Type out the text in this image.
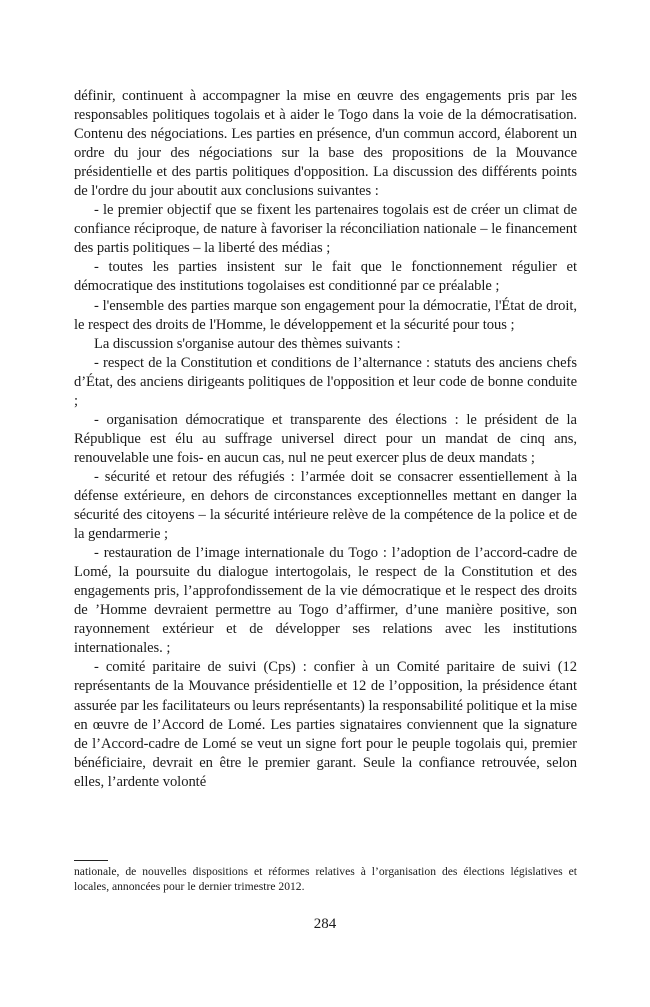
définir, continuent à accompagner la mise en œuvre des engagements pris par les responsables politiques togolais et à aider le Togo dans la voie de la démocratisation. Contenu des négociations. Les parties en présence, d'un commun accord, élaborent un ordre du jour des négociations sur la base des propositions de la Mouvance présidentielle et des partis politiques d'opposition. La discussion des différents points de l'ordre du jour aboutit aux conclusions suivantes :

- le premier objectif que se fixent les partenaires togolais est de créer un climat de confiance réciproque, de nature à favoriser la réconciliation nationale – le financement des partis politiques – la liberté des médias ;

- toutes les parties insistent sur le fait que le fonctionnement régulier et démocratique des institutions togolaises est conditionné par ce préalable ;

- l'ensemble des parties marque son engagement pour la démocratie, l'État de droit, le respect des droits de l'Homme, le développement et la sécurité pour tous ;

La discussion s'organise autour des thèmes suivants :

- respect de la Constitution et conditions de l’alternance : statuts des anciens chefs d’État, des anciens dirigeants politiques de l'opposition et leur code de bonne conduite ;

- organisation démocratique et transparente des élections : le président de la République est élu au suffrage universel direct pour un mandat de cinq ans, renouvelable une fois- en aucun cas, nul ne peut exercer plus de deux mandats ;

- sécurité et retour des réfugiés : l’armée doit se consacrer essentiellement à la défense extérieure, en dehors de circonstances exceptionnelles mettant en danger la sécurité des citoyens – la sécurité intérieure relève de la compétence de la police et de la gendarmerie ;

- restauration de l’image internationale du Togo : l’adoption de l’accord-cadre de Lomé, la poursuite du dialogue intertogolais, le respect de la Constitution et des engagements pris, l’approfondissement de la vie démocratique et le respect des droits de ’Homme devraient permettre au Togo d’affirmer, d’une manière positive, son rayonnement extérieur et de développer ses relations avec les institutions internationales. ;

- comité paritaire de suivi (Cps) : confier à un Comité paritaire de suivi (12 représentants de la Mouvance présidentielle et 12 de l’opposition, la présidence étant assurée par les facilitateurs ou leurs représentants) la responsabilité politique et la mise en œuvre de l’Accord de Lomé. Les parties signataires conviennent que la signature de l’Accord-cadre de Lomé se veut un signe fort pour le peuple togolais qui, premier bénéficiaire, devrait en être le premier garant. Seule la confiance retrouvée, selon elles, l’ardente volonté

nationale, de nouvelles dispositions et réformes relatives à l’organisation des élections législatives et locales, annoncées pour le dernier trimestre 2012.

284
